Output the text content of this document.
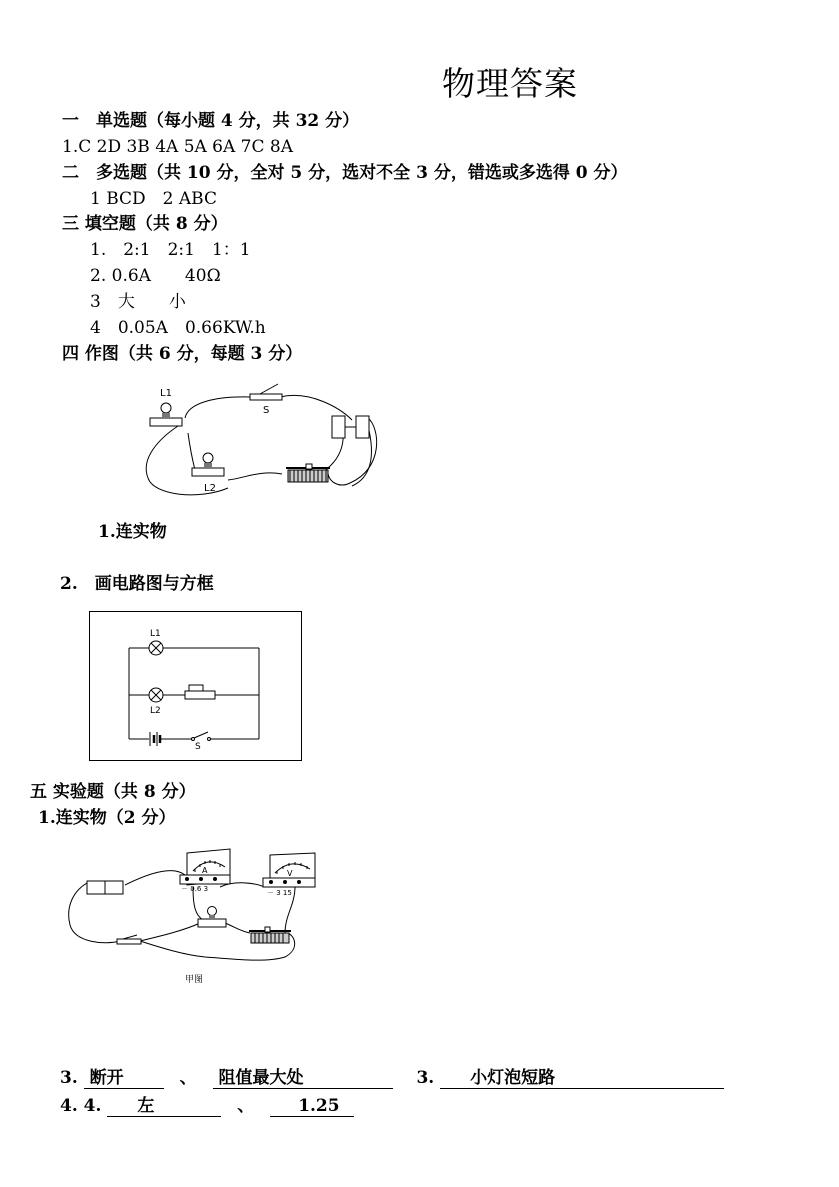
物理答案
一　单选题（每小题 4 分，共 32 分）
1.C 2D 3B 4A 5A 6A 7C 8A
二　多选题（共 10 分，全对 5 分，选对不全 3 分，错选或多选得 0 分）
1 BCD　2 ABC
三 填空题（共 8 分）
1.　2:1　2:1　1：1
2. 0.6A　　40Ω
3　大　　小
4　0.05A　0.66KW.h
四 作图（共 6 分，每题 3 分）
L1
S
L2
1.连实物
2.　画电路图与方框
L1
L2
S
五 实验题（共 8 分）
1.连实物（2 分）
A
－ 0.6 3
V
－ 3 15
甲图
3. 断开	、 阻值最大处	3. 小灯泡短路
4. 4. 左	、	1.25
